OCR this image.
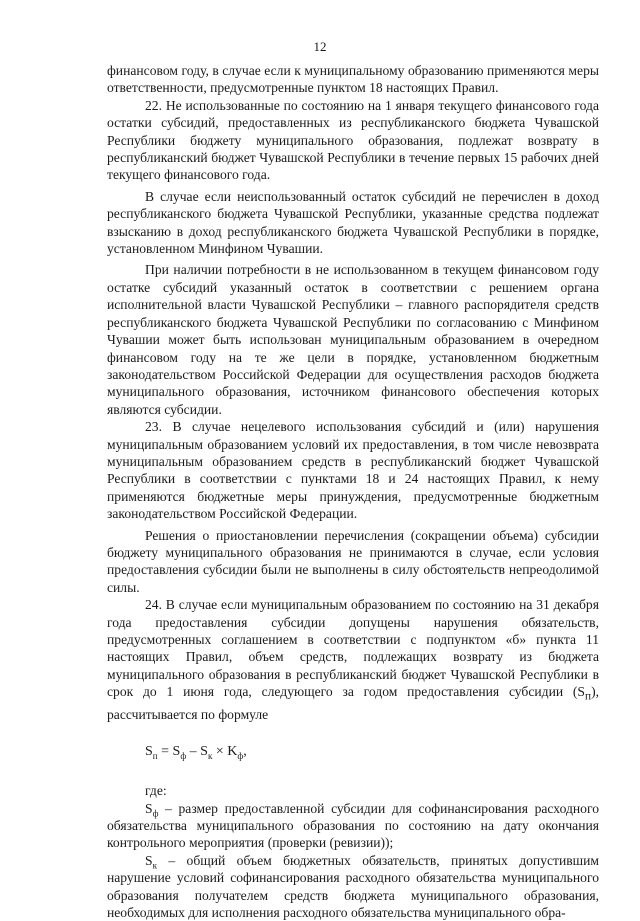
12

финансовом году, в случае если к муниципальному образованию применяются меры ответственности, предусмотренные пунктом 18 настоящих Правил.

22. Не использованные по состоянию на 1 января текущего финансового года остатки субсидий, предоставленных из республиканского бюджета Чувашской Республики бюджету муниципального образования, подлежат возврату в республиканский бюджет Чувашской Республики в течение первых 15 рабочих дней текущего финансового года.

В случае если неиспользованный остаток субсидий не перечислен в доход республиканского бюджета Чувашской Республики, указанные средства подлежат взысканию в доход республиканского бюджета Чувашской Республики в порядке, установленном Минфином Чувашии.

При наличии потребности в не использованном в текущем финансовом году остатке субсидий указанный остаток в соответствии с решением органа исполнительной власти Чувашской Республики – главного распорядителя средств республиканского бюджета Чувашской Республики по согласованию с Минфином Чувашии может быть использован муниципальным образованием в очередном финансовом году на те же цели в порядке, установленном бюджетным законодательством Российской Федерации для осуществления расходов бюджета муниципального образования, источником финансового обеспечения которых являются субсидии.

23. В случае нецелевого использования субсидий и (или) нарушения муниципальным образованием условий их предоставления, в том числе невозврата муниципальным образованием средств в республиканский бюджет Чувашской Республики в соответствии с пунктами 18 и 24 настоящих Правил, к нему применяются бюджетные меры принуждения, предусмотренные бюджетным законодательством Российской Федерации.

Решения о приостановлении перечисления (сокращении объема) субсидии бюджету муниципального образования не принимаются в случае, если условия предоставления субсидии были не выполнены в силу обстоятельств непреодолимой силы.

24. В случае если муниципальным образованием по состоянию на 31 декабря года предоставления субсидии допущены нарушения обязательств, предусмотренных соглашением в соответствии с подпунктом «б» пункта 11 настоящих Правил, объем средств, подлежащих возврату из бюджета муниципального образования в республиканский бюджет Чувашской Республики в срок до 1 июня года, следующего за годом предоставления субсидии $(S_п)$, рассчитывается по формуле

$S_п = S_ф - S_к \times K_ф$,

где:

$S_ф$ – размер предоставленной субсидии для софинансирования расходного обязательства муниципального образования по состоянию на дату окончания контрольного мероприятия (проверки (ревизии));

$S_к$ – общий объем бюджетных обязательств, принятых допустившим нарушение условий софинансирования расходного обязательства муниципального образования получателем средств бюджета муниципального образования, необходимых для исполнения расходного обязательства муниципального обра-
